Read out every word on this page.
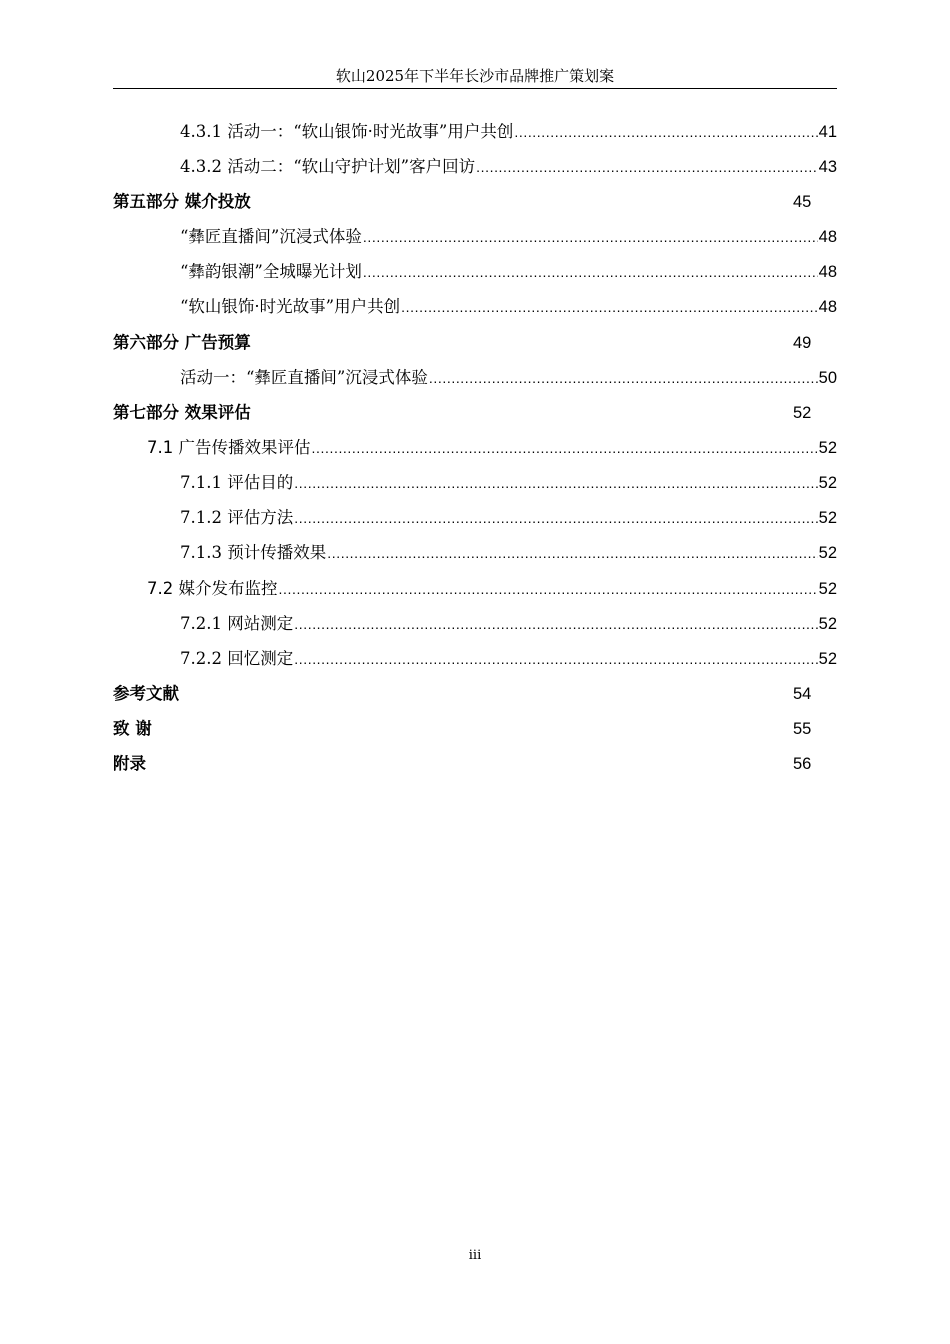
软山2025年下半年长沙市品牌推广策划案
4.3.1 活动一：“软山银饰·时光故事”用户共创 .....	41
4.3.2 活动二：“软山守护计划”客户回访 .....	43
第五部分 媒介投放	45
“彝匠直播间”沉浸式体验 .....	48
“彝韵银潮”全城曝光计划 .....	48
“软山银饰·时光故事”用户共创 .....	48
第六部分 广告预算	49
活动一：“彝匠直播间”沉浸式体验 .....	50
第七部分 效果评估	52
7.1 广告传播效果评估 .....	52
7.1.1 评估目的 .....	52
7.1.2 评估方法 .....	52
7.1.3 预计传播效果 .....	52
7.2 媒介发布监控 .....	52
7.2.1 网站测定 .....	52
7.2.2 回忆测定 .....	52
参考文献	54
致 谢	55
附录	56
iii
